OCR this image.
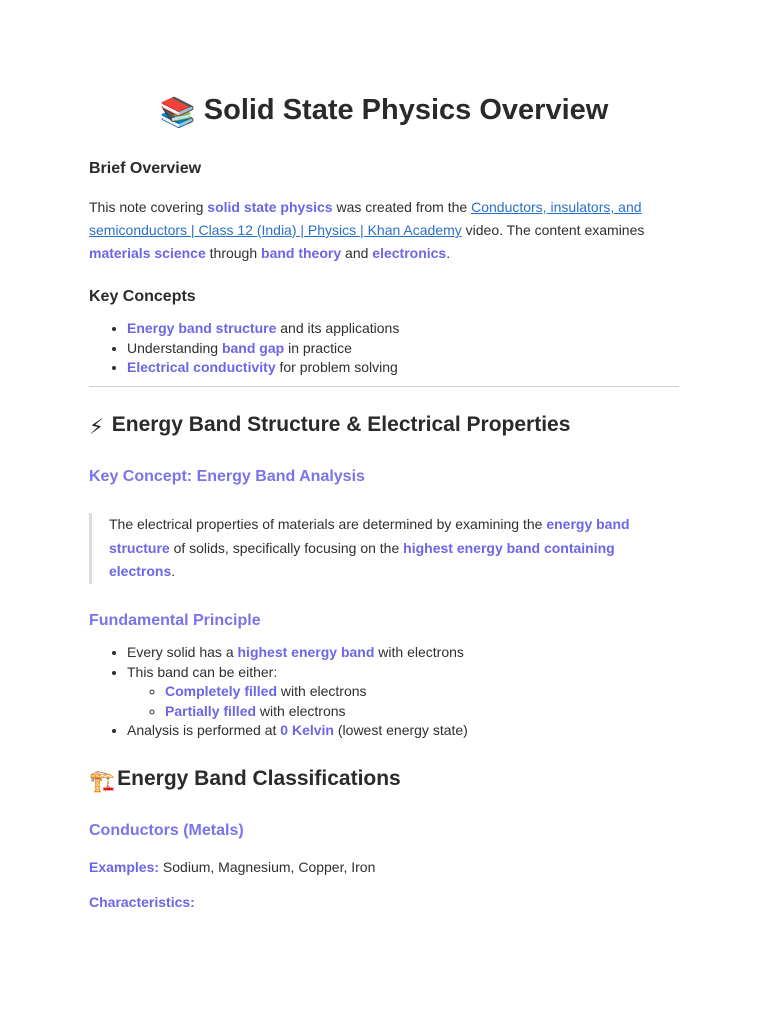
📚 Solid State Physics Overview
Brief Overview

This note covering solid state physics was created from the Conductors, insulators, and semiconductors | Class 12 (India) | Physics | Khan Academy video. The content examines materials science through band theory and electronics.

Key Concepts
• Energy band structure and its applications
• Understanding band gap in practice
• Electrical conductivity for problem solving
⚡ Energy Band Structure & Electrical Properties
Key Concept: Energy Band Analysis
The electrical properties of materials are determined by examining the energy band structure of solids, specifically focusing on the highest energy band containing electrons.
Fundamental Principle
• Every solid has a highest energy band with electrons
• This band can be either:
◦ Completely filled with electrons
◦ Partially filled with electrons
• Analysis is performed at 0 Kelvin (lowest energy state)
🏗️Energy Band Classifications
Conductors (Metals)
Examples: Sodium, Magnesium, Copper, Iron
Characteristics:
